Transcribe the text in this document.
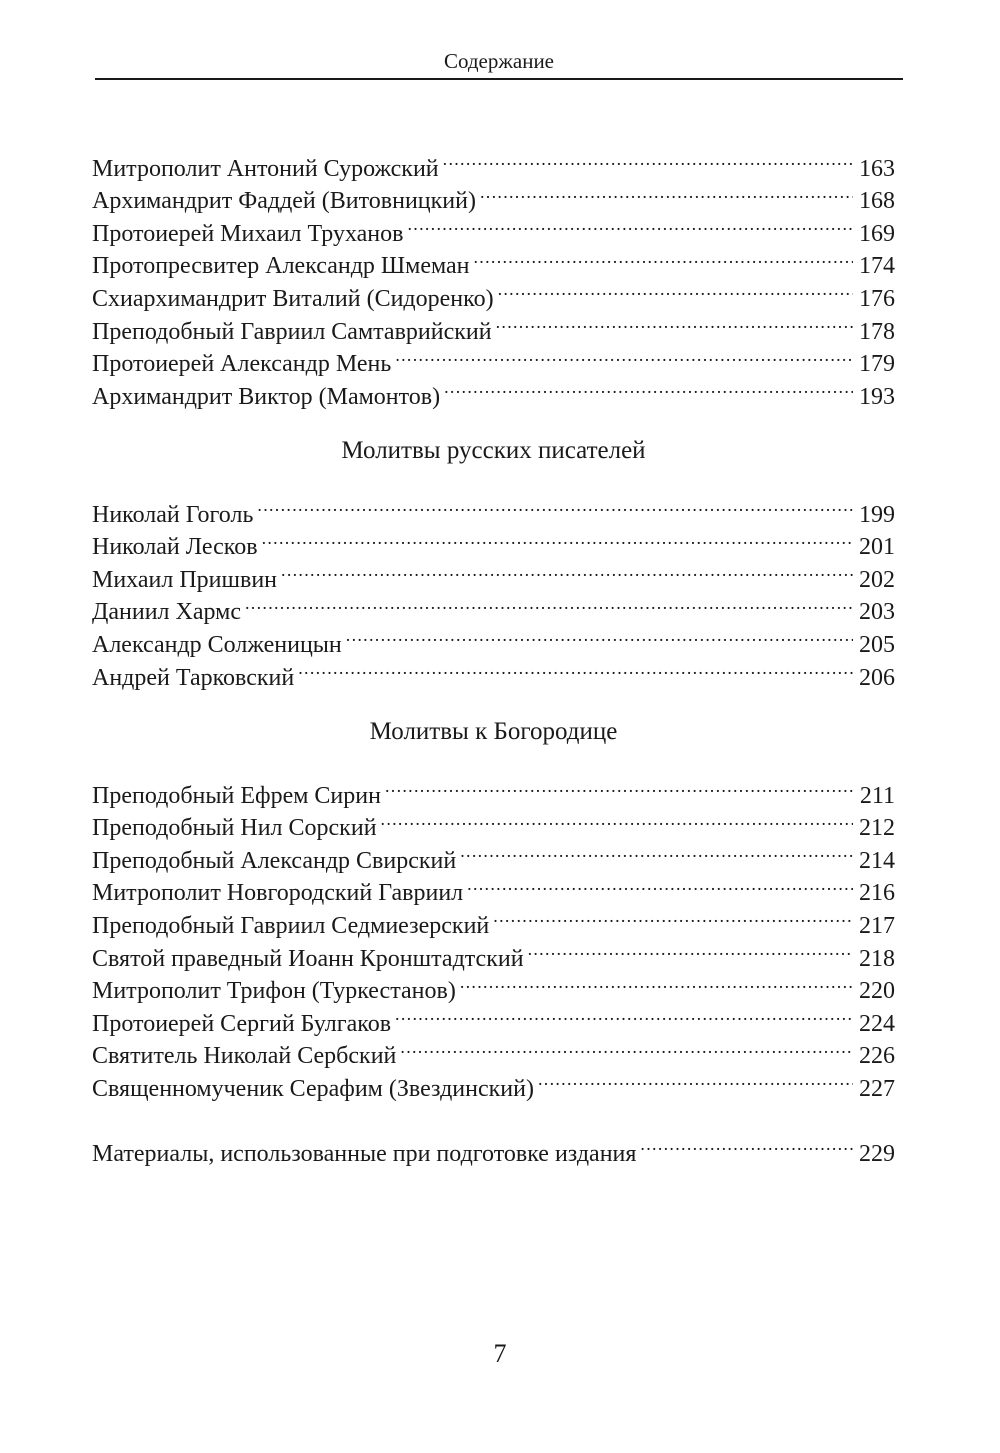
Содержание
Митрополит Антоний Сурожский .....	163
Архимандрит Фаддей (Витовницкий) .....	168
Протоиерей Михаил Труханов .....	169
Протопресвитер Александр Шмеман .....	174
Схиархимандрит Виталий (Сидоренко) .....	176
Преподобный Гавриил Самтаврийский .....	178
Протоиерей Александр Мень .....	179
Архимандрит Виктор (Мамонтов) .....	193
Молитвы русских писателей
Николай Гоголь .....	199
Николай Лесков .....	201
Михаил Пришвин .....	202
Даниил Хармс .....	203
Александр Солженицын .....	205
Андрей Тарковский .....	206
Молитвы к Богородице
Преподобный Ефрем Сирин .....	211
Преподобный Нил Сорский .....	212
Преподобный Александр Свирский .....	214
Митрополит Новгородский Гавриил .....	216
Преподобный Гавриил Седмиезерский .....	217
Святой праведный Иоанн Кронштадтский .....	218
Митрополит Трифон (Туркестанов) .....	220
Протоиерей Сергий Булгаков .....	224
Святитель Николай Сербский .....	226
Священномученик Серафим (Звездинский) .....	227
Материалы, использованные при подготовке издания .....	229
7
